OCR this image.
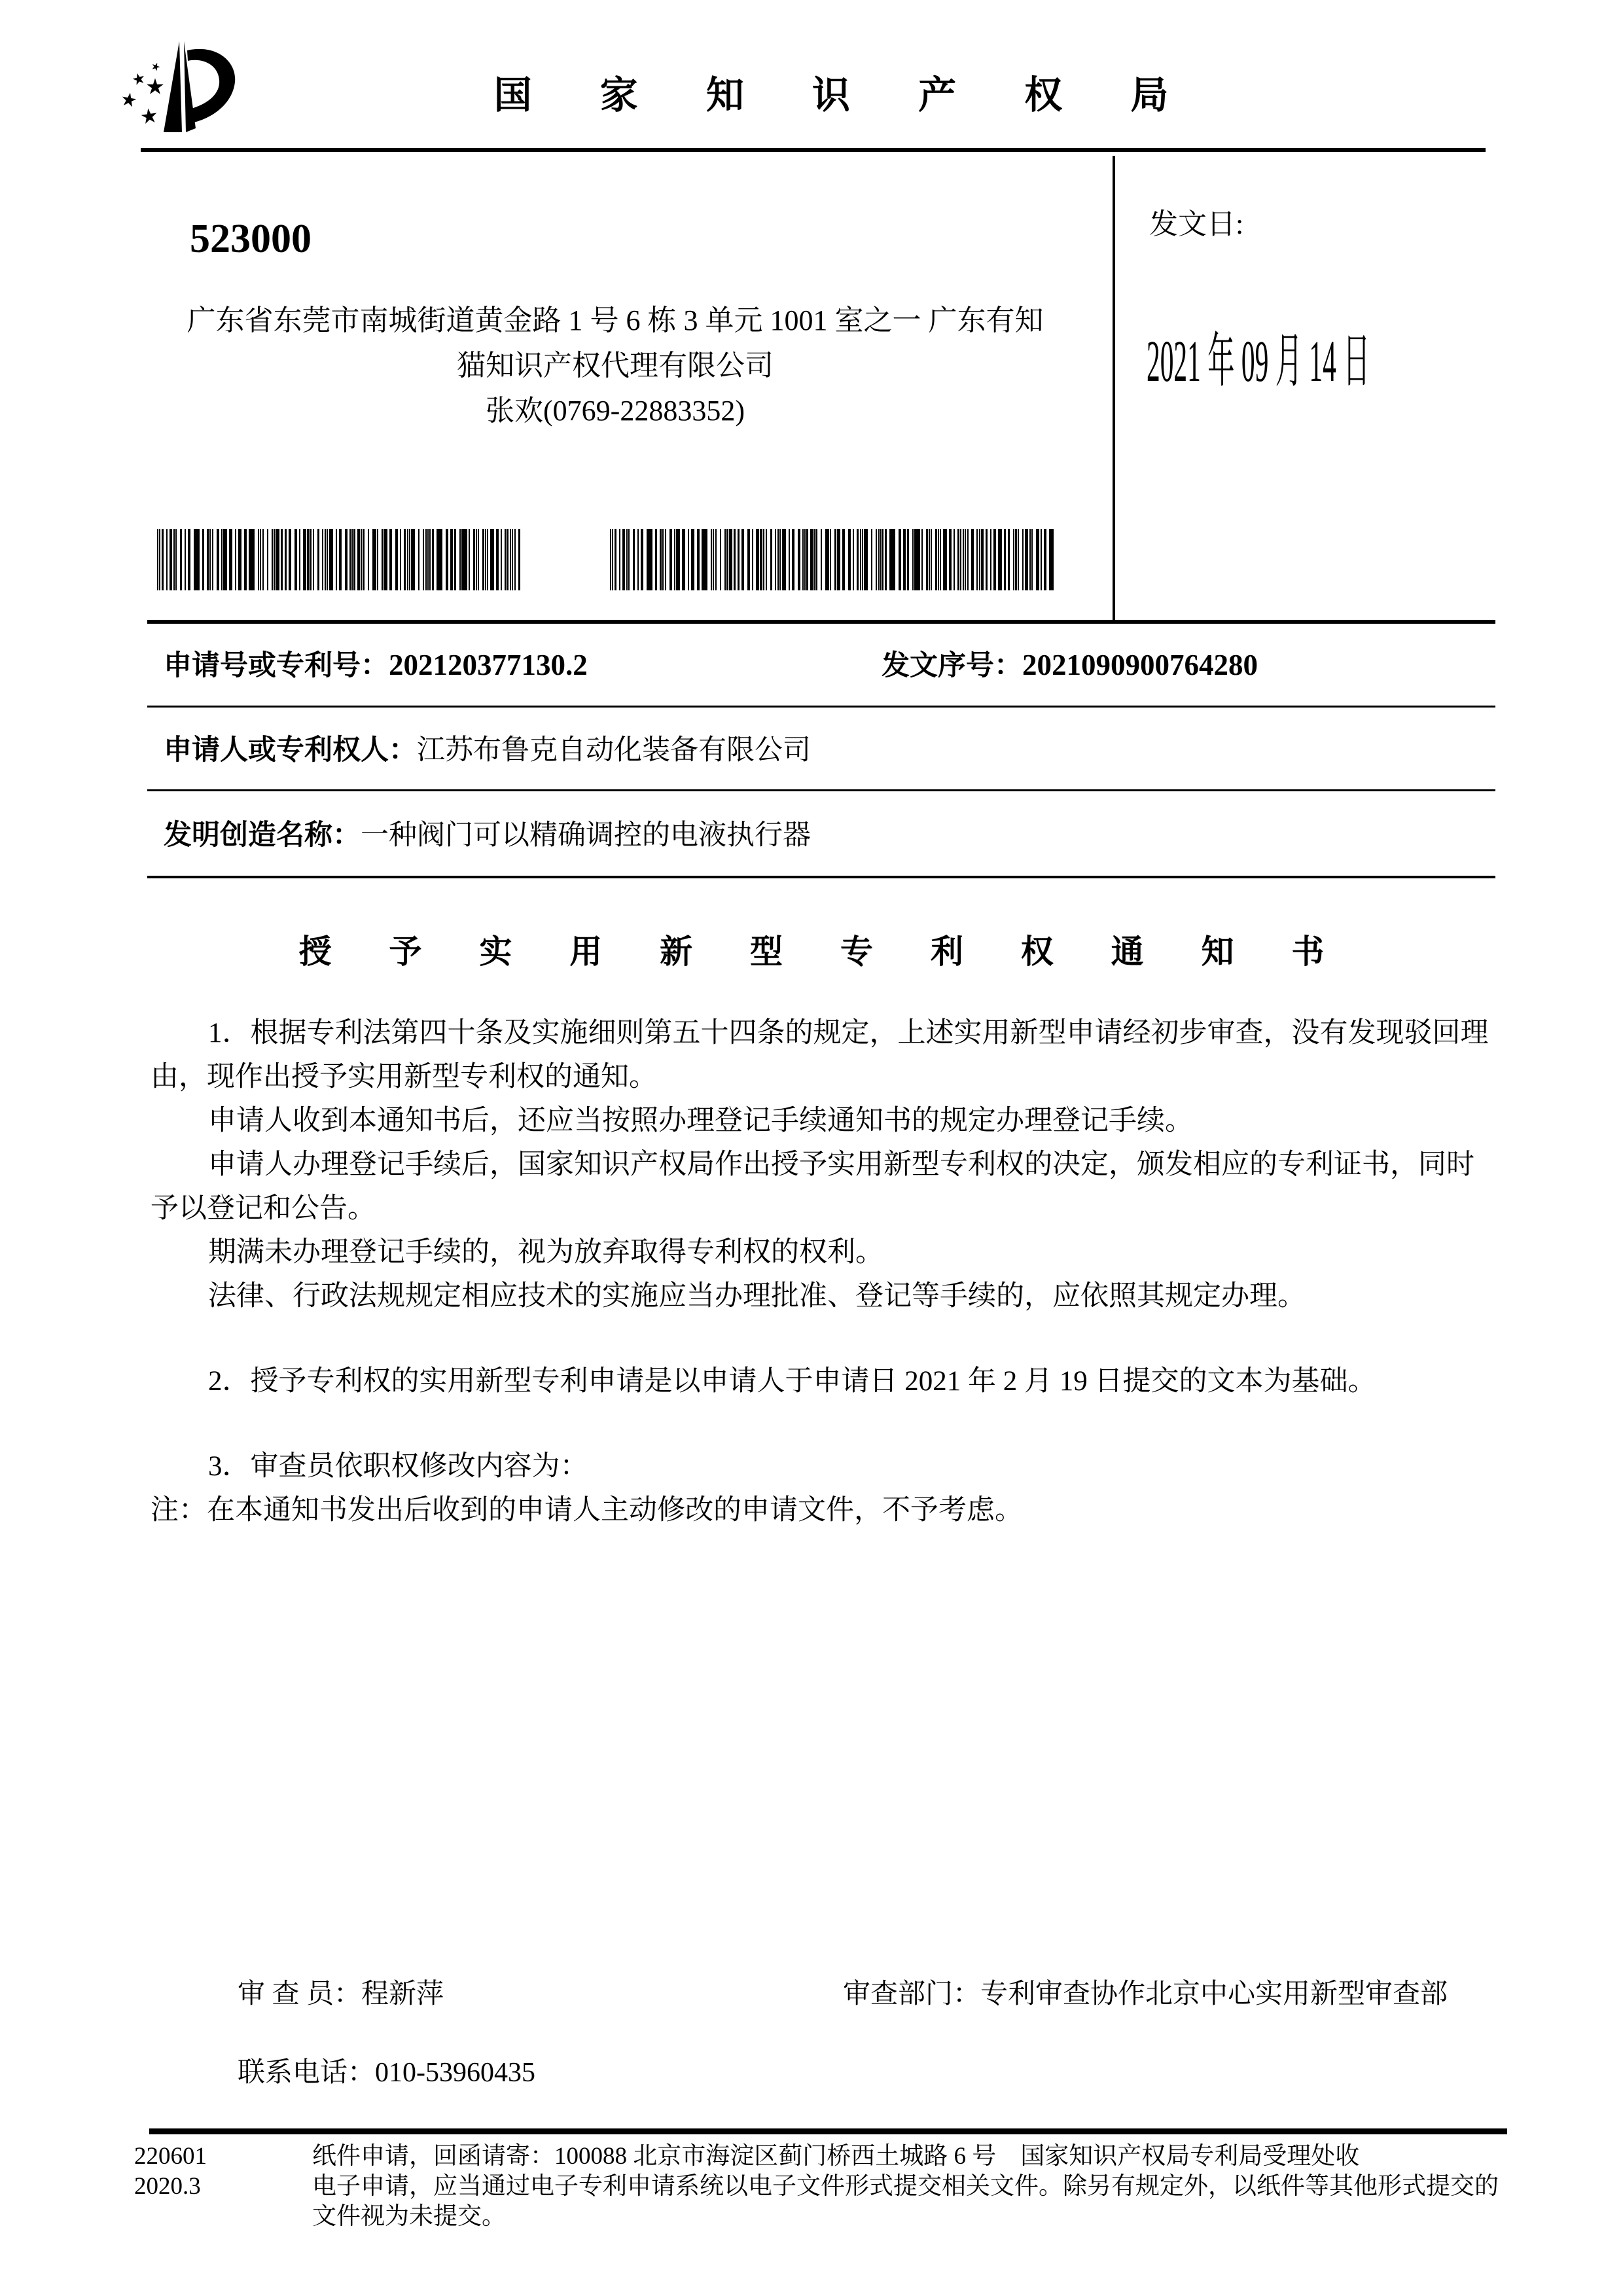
国 家 知 识 产 权 局
523000
广东省东莞市南城街道黄金路 1 号 6 栋 3 单元 1001 室之一 广东有知
猫知识产权代理有限公司
张欢(0769-22883352)
发文日:
2021 年 09 月 14 日
申请号或专利号：202120377130.2	发文序号：2021090900764280
申请人或专利权人：江苏布鲁克自动化装备有限公司
发明创造名称：一种阀门可以精确调控的电液执行器
授 予 实 用 新 型 专 利 权 通 知 书
1．根据专利法第四十条及实施细则第五十四条的规定，上述实用新型申请经初步审查，没有发现驳回理
由，现作出授予实用新型专利权的通知。
申请人收到本通知书后，还应当按照办理登记手续通知书的规定办理登记手续。
申请人办理登记手续后，国家知识产权局作出授予实用新型专利权的决定，颁发相应的专利证书，同时
予以登记和公告。
期满未办理登记手续的，视为放弃取得专利权的权利。
法律、行政法规规定相应技术的实施应当办理批准、登记等手续的，应依照其规定办理。
2．授予专利权的实用新型专利申请是以申请人于申请日 2021 年 2 月 19 日提交的文本为基础。
3．审查员依职权修改内容为：
注：在本通知书发出后收到的申请人主动修改的申请文件，不予考虑。
审 查 员：程新萍	审查部门：专利审查协作北京中心实用新型审查部
联系电话：010-53960435
220601
2020.3
纸件申请，回函请寄：100088 北京市海淀区蓟门桥西土城路 6 号　国家知识产权局专利局受理处收
电子申请，应当通过电子专利申请系统以电子文件形式提交相关文件。除另有规定外，以纸件等其他形式提交的
文件视为未提交。
